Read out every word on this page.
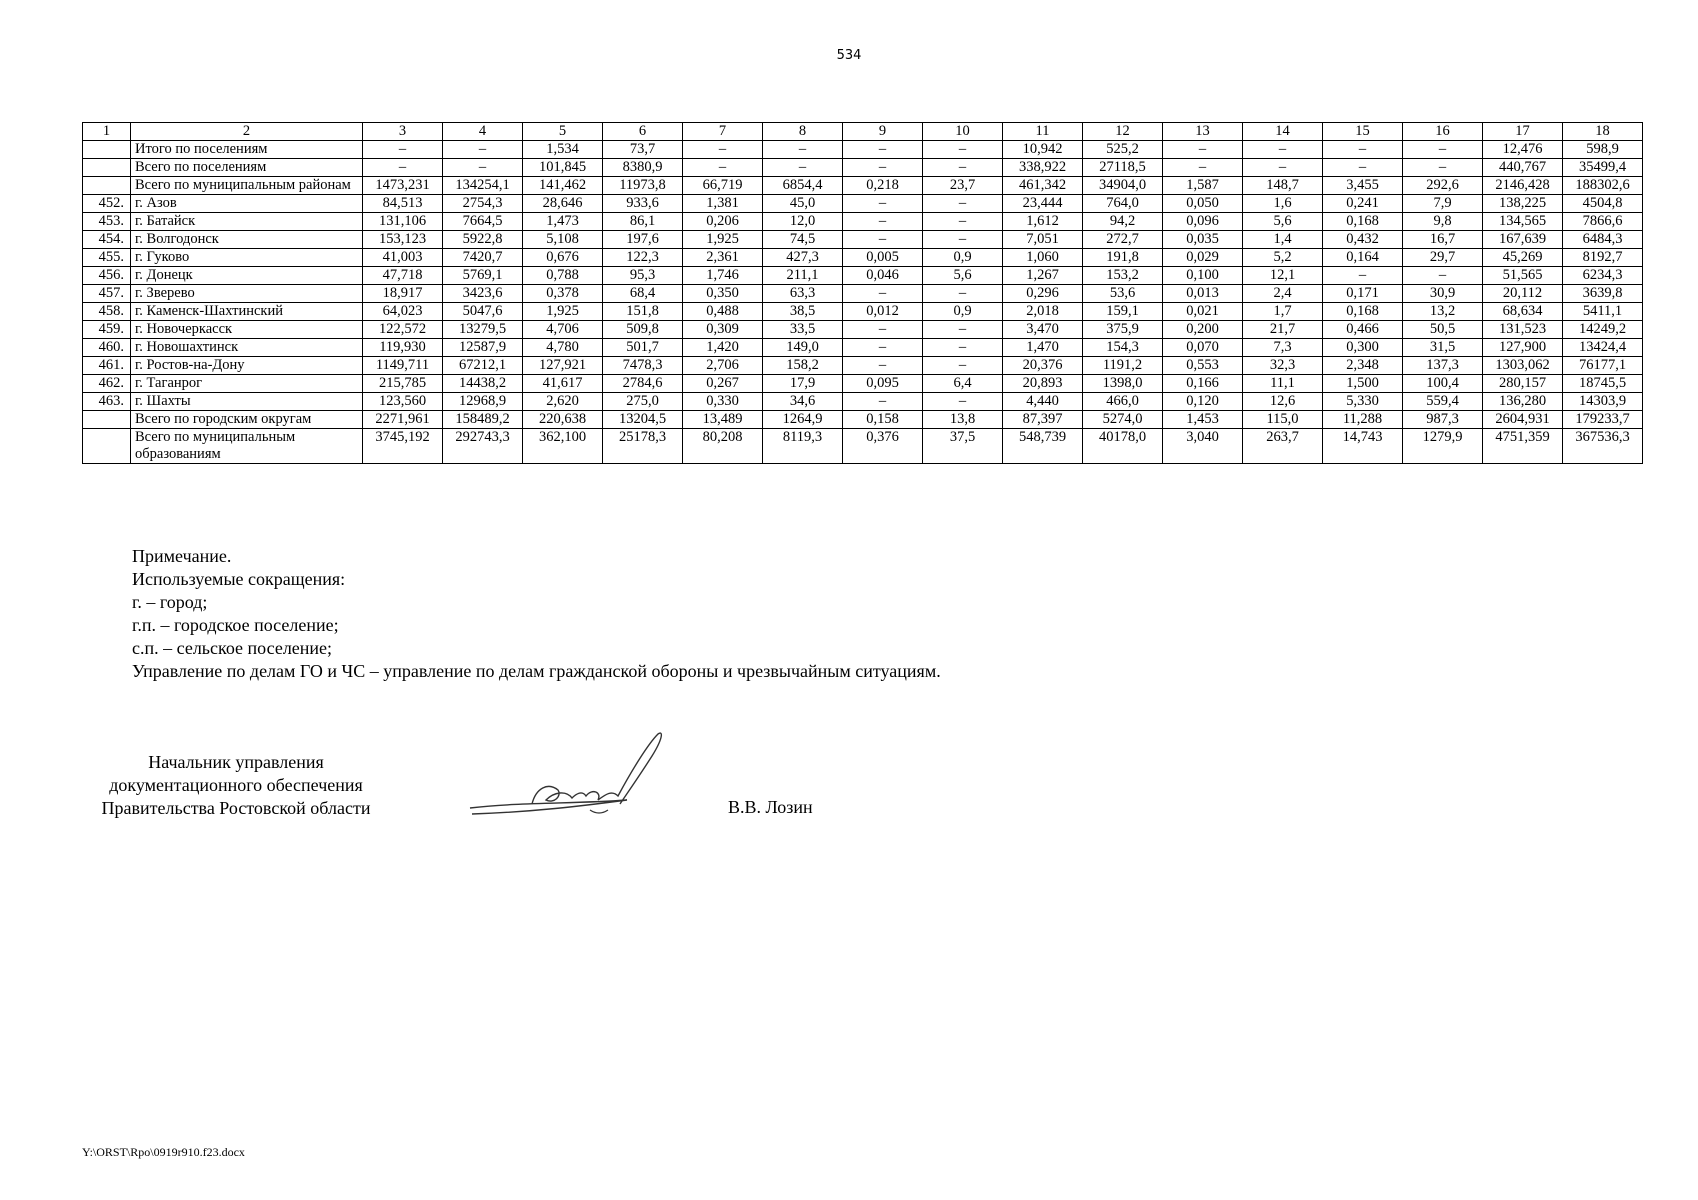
534
1	2	3	4	5	6	7	8	9	10	11	12	13	14	15	16	17	18
	Итого по поселениям	–	–	1,534	73,7	–	–	–	–	10,942	525,2	–	–	–	–	12,476	598,9
	Всего по поселениям	–	–	101,845	8380,9	–	–	–	–	338,922	27118,5	–	–	–	–	440,767	35499,4
	Всего по муниципальным районам	1473,231	134254,1	141,462	11973,8	66,719	6854,4	0,218	23,7	461,342	34904,0	1,587	148,7	3,455	292,6	2146,428	188302,6
452.	г. Азов	84,513	2754,3	28,646	933,6	1,381	45,0	–	–	23,444	764,0	0,050	1,6	0,241	7,9	138,225	4504,8
453.	г. Батайск	131,106	7664,5	1,473	86,1	0,206	12,0	–	–	1,612	94,2	0,096	5,6	0,168	9,8	134,565	7866,6
454.	г. Волгодонск	153,123	5922,8	5,108	197,6	1,925	74,5	–	–	7,051	272,7	0,035	1,4	0,432	16,7	167,639	6484,3
455.	г. Гуково	41,003	7420,7	0,676	122,3	2,361	427,3	0,005	0,9	1,060	191,8	0,029	5,2	0,164	29,7	45,269	8192,7
456.	г. Донецк	47,718	5769,1	0,788	95,3	1,746	211,1	0,046	5,6	1,267	153,2	0,100	12,1	–	–	51,565	6234,3
457.	г. Зверево	18,917	3423,6	0,378	68,4	0,350	63,3	–	–	0,296	53,6	0,013	2,4	0,171	30,9	20,112	3639,8
458.	г. Каменск-Шахтинский	64,023	5047,6	1,925	151,8	0,488	38,5	0,012	0,9	2,018	159,1	0,021	1,7	0,168	13,2	68,634	5411,1
459.	г. Новочеркасск	122,572	13279,5	4,706	509,8	0,309	33,5	–	–	3,470	375,9	0,200	21,7	0,466	50,5	131,523	14249,2
460.	г. Новошахтинск	119,930	12587,9	4,780	501,7	1,420	149,0	–	–	1,470	154,3	0,070	7,3	0,300	31,5	127,900	13424,4
461.	г. Ростов-на-Дону	1149,711	67212,1	127,921	7478,3	2,706	158,2	–	–	20,376	1191,2	0,553	32,3	2,348	137,3	1303,062	76177,1
462.	г. Таганрог	215,785	14438,2	41,617	2784,6	0,267	17,9	0,095	6,4	20,893	1398,0	0,166	11,1	1,500	100,4	280,157	18745,5
463.	г. Шахты	123,560	12968,9	2,620	275,0	0,330	34,6	–	–	4,440	466,0	0,120	12,6	5,330	559,4	136,280	14303,9
	Всего по городским округам	2271,961	158489,2	220,638	13204,5	13,489	1264,9	0,158	13,8	87,397	5274,0	1,453	115,0	11,288	987,3	2604,931	179233,7
	Всего по муниципальным образованиям	3745,192	292743,3	362,100	25178,3	80,208	8119,3	0,376	37,5	548,739	40178,0	3,040	263,7	14,743	1279,9	4751,359	367536,3
Примечание.
Используемые сокращения:
г. – город;
г.п. – городское поселение;
с.п. – сельское поселение;
Управление по делам ГО и ЧС – управление по делам гражданской обороны и чрезвычайным ситуациям.
Начальник управления
документационного обеспечения
Правительства Ростовской области	В.В. Лозин
Y:\ORST\Rpo\0919r910.f23.docx
